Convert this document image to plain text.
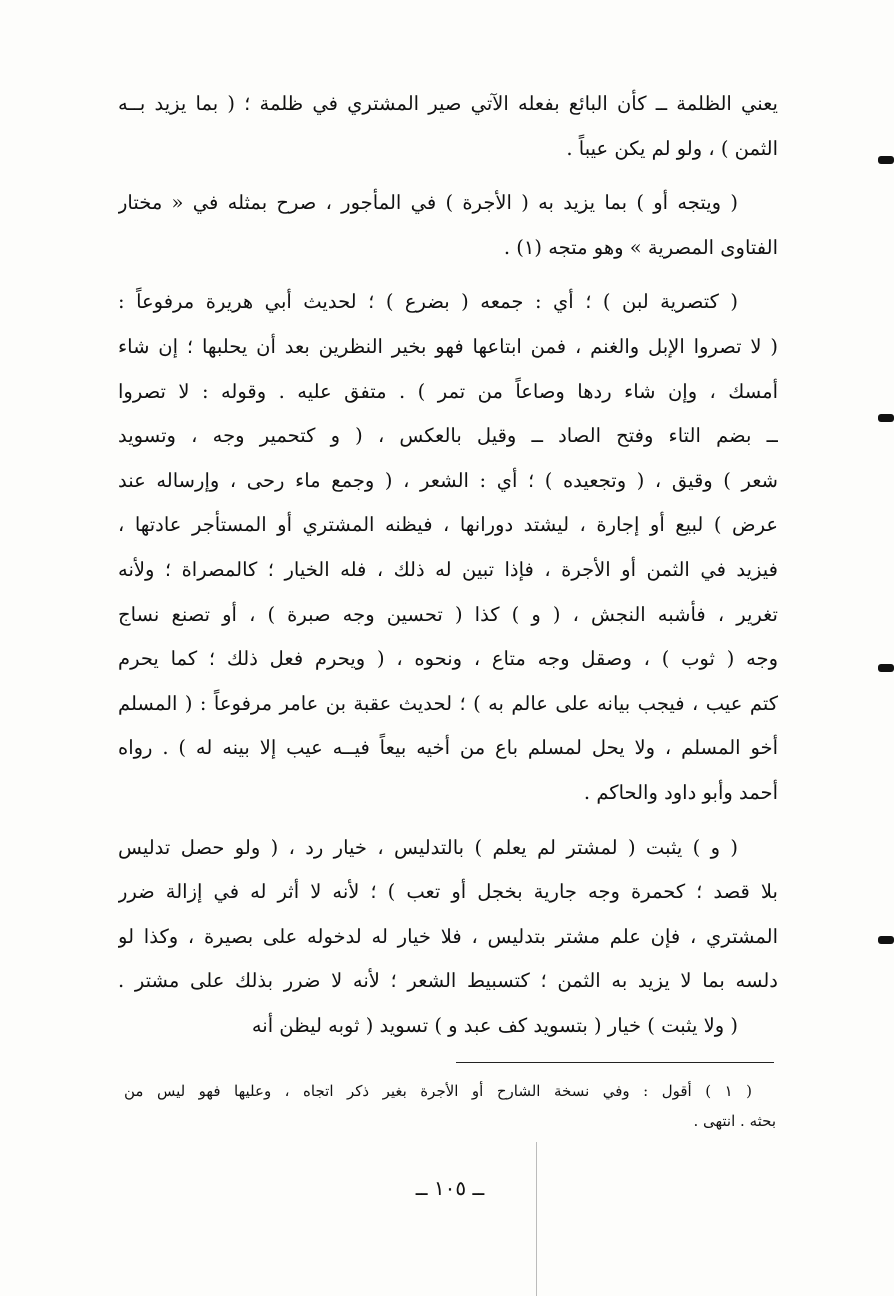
يعني الظلمة ــ كأن البائع بفعله الآتي صير المشتري في ظلمة ؛ ( بما يزيد بــه
الثمن ) ، ولو لم يكن عيباً .
( ويتجه أو ) بما يزيد به ( الأجرة ) في المأجور ، صرح بمثله في « مختار
الفتاوى المصرية » وهو متجه (١) .
( كتصرية لبن ) ؛ أي : جمعه ( بضرع ) ؛ لحديث أبي هريرة مرفوعاً :
( لا تصروا الإبل والغنم ، فمن ابتاعها فهو بخير النظرين بعد أن يحلبها ؛ إن شاء
أمسك ، وإن شاء ردها وصاعاً من تمر ) . متفق عليه . وقوله : لا تصروا
ــ بضم التاء وفتح الصاد ــ وقيل بالعكس ، ( و كتحمير وجه ، وتسويد
شعر ) وقيق ، ( وتجعيده ) ؛ أي : الشعر ، ( وجمع ماء رحى ، وإرساله عند
عرض ) لبيع أو إجارة ، ليشتد دورانها ، فيظنه المشتري أو المستأجر عادتها ،
فيزيد في الثمن أو الأجرة ، فإذا تبين له ذلك ، فله الخيار ؛ كالمصراة ؛ ولأنه
تغرير ، فأشبه النجش ، ( و ) كذا ( تحسين وجه صبرة ) ، أو تصنع نساج
وجه ( ثوب ) ، وصقل وجه متاع ، ونحوه ، ( ويحرم فعل ذلك ؛ كما يحرم
كتم عيب ، فيجب بيانه على عالم به ) ؛ لحديث عقبة بن عامر مرفوعاً : ( المسلم
أخو المسلم ، ولا يحل لمسلم باع من أخيه بيعاً فيــه عيب إلا بينه له ) . رواه
أحمد وأبو داود والحاكم .
( و ) يثبت ( لمشتر لم يعلم ) بالتدليس ، خيار رد ، ( ولو حصل تدليس
بلا قصد ؛ كحمرة وجه جارية بخجل أو تعب ) ؛ لأنه لا أثر له في إزالة ضرر
المشتري ، فإن علم مشتر بتدليس ، فلا خيار له لدخوله على بصيرة ، وكذا لو
دلسه بما لا يزيد به الثمن ؛ كتسبيط الشعر ؛ لأنه لا ضرر بذلك على مشتر .
( ولا يثبت ) خيار ( بتسويد كف عبد و ) تسويد ( ثوبه ليظن أنه
( ١ ) أقول : وفي نسخة الشارح أو الأجرة بغير ذكر اتجاه ، وعليها فهو ليس من
بحثه . انتهى .
ــ ١٠٥ ــ
